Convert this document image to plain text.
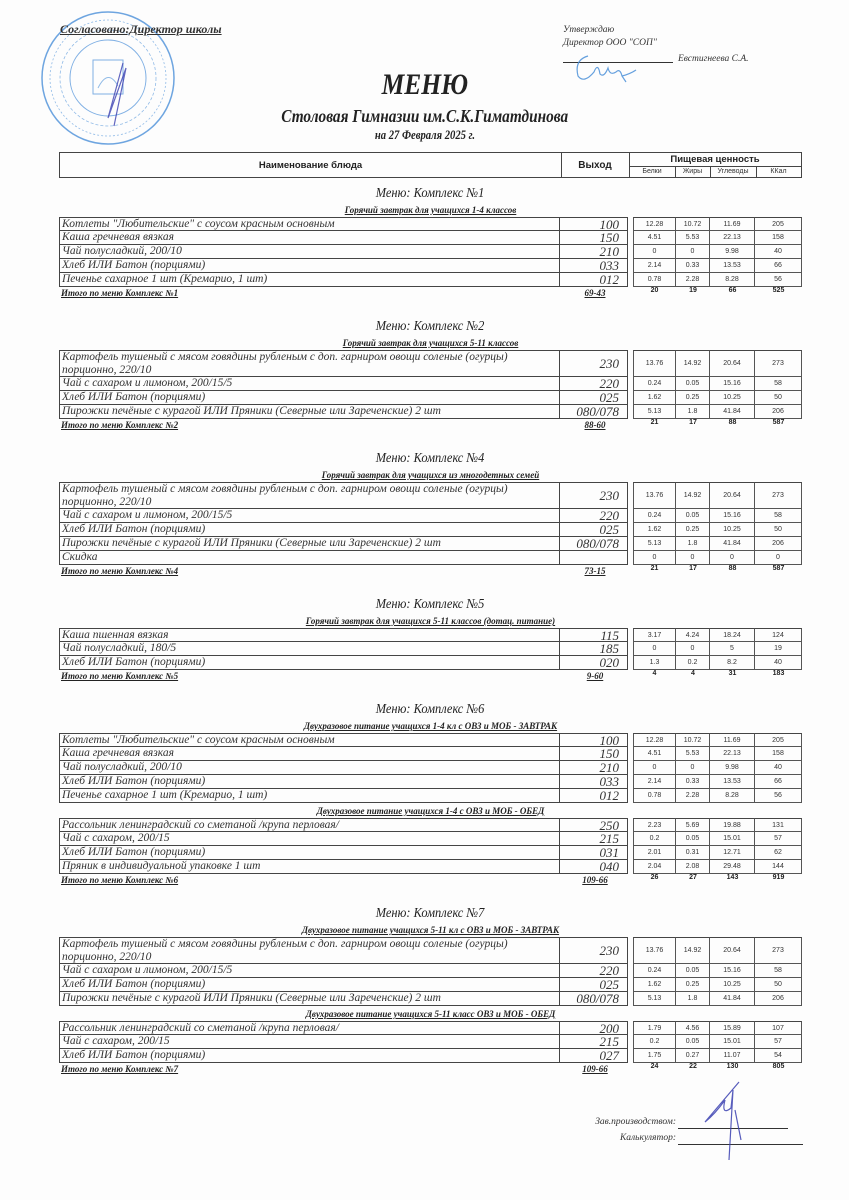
Согласовано:Директор школы	Утверждаю
Директор ООО "СОП"
Евстигнеева С.А.
МЕНЮ
Столовая Гимназии им.С.К.Гиматдинова
на 27 Февраля 2025 г.
Наименование блюда	Выход	Пищевая ценность
Белки	Жиры	Углеводы	ККал
Меню: Комплекс №1
Горячий завтрак для учащихся 1-4 классов
Котлеты "Любительские" с соусом красным основным	100	12.28	10.72	11.69	205
Каша гречневая вязкая	150	4.51	5.53	22.13	158
Чай полусладкий, 200/10	210	0	0	9.98	40
Хлеб ИЛИ Батон (порциями)	033	2.14	0.33	13.53	66
Печенье сахарное 1 шт (Кремарио, 1 шт)	012	0.78	2.28	8.28	56
Итого по меню Комплекс №1	69-43	20	19	66	525
Меню: Комплекс №2
Горячий завтрак для учащихся 5-11 классов
Картофель тушеный с мясом говядины рубленым с доп. гарниром овощи соленые (огурцы) порционно, 220/10	230	13.76	14.92	20.64	273
Чай с сахаром и лимоном, 200/15/5	220	0.24	0.05	15.16	58
Хлеб ИЛИ Батон (порциями)	025	1.62	0.25	10.25	50
Пирожки печёные с курагой ИЛИ Пряники (Северные или Зареченские) 2 шт	080/078	5.13	1.8	41.84	206
Итого по меню Комплекс №2	88-60	21	17	88	587
Меню: Комплекс №4
Горячий завтрак для учащихся из многодетных семей
Картофель тушеный с мясом говядины рубленым с доп. гарниром овощи соленые (огурцы) порционно, 220/10	230	13.76	14.92	20.64	273
Чай с сахаром и лимоном, 200/15/5	220	0.24	0.05	15.16	58
Хлеб ИЛИ Батон (порциями)	025	1.62	0.25	10.25	50
Пирожки печёные с курагой ИЛИ Пряники (Северные или Зареченские) 2 шт	080/078	5.13	1.8	41.84	206
Скидка	0	0	0	0
Итого по меню Комплекс №4	73-15	21	17	88	587
Меню: Комплекс №5
Горячий завтрак для учащихся 5-11 классов (дотац. питание)
Каша пшенная вязкая	115	3.17	4.24	18.24	124
Чай полусладкий, 180/5	185	0	0	5	19
Хлеб ИЛИ Батон (порциями)	020	1.3	0.2	8.2	40
Итого по меню Комплекс №5	9-60	4	4	31	183
Меню: Комплекс №6
Двухразовое питание учащихся 1-4 кл с ОВЗ и МОБ - ЗАВТРАК
Котлеты "Любительские" с соусом красным основным	100	12.28	10.72	11.69	205
Каша гречневая вязкая	150	4.51	5.53	22.13	158
Чай полусладкий, 200/10	210	0	0	9.98	40
Хлеб ИЛИ Батон (порциями)	033	2.14	0.33	13.53	66
Печенье сахарное 1 шт (Кремарио, 1 шт)	012	0.78	2.28	8.28	56
Двухразовое питание учащихся 1-4 с ОВЗ и МОБ - ОБЕД
Рассольник ленинградский со сметаной /крупа перловая/	250	2.23	5.69	19.88	131
Чай с сахаром, 200/15	215	0.2	0.05	15.01	57
Хлеб ИЛИ Батон (порциями)	031	2.01	0.31	12.71	62
Пряник в индивидуальной упаковке 1 шт	040	2.04	2.08	29.48	144
Итого по меню Комплекс №6	109-66	26	27	143	919
Меню: Комплекс №7
Двухразовое питание учащихся 5-11 кл с ОВЗ и МОБ - ЗАВТРАК
Картофель тушеный с мясом говядины рубленым с доп. гарниром овощи соленые (огурцы) порционно, 220/10	230	13.76	14.92	20.64	273
Чай с сахаром и лимоном, 200/15/5	220	0.24	0.05	15.16	58
Хлеб ИЛИ Батон (порциями)	025	1.62	0.25	10.25	50
Пирожки печёные с курагой ИЛИ Пряники (Северные или Зареченские) 2 шт	080/078	5.13	1.8	41.84	206
Двухразовое питание учащихся 5-11 класс ОВЗ и МОБ - ОБЕД
Рассольник ленинградский со сметаной /крупа перловая/	200	1.79	4.56	15.89	107
Чай с сахаром, 200/15	215	0.2	0.05	15.01	57
Хлеб ИЛИ Батон (порциями)	027	1.75	0.27	11.07	54
Итого по меню Комплекс №7	109-66	24	22	130	805
Зав.производством:
Калькулятор:
